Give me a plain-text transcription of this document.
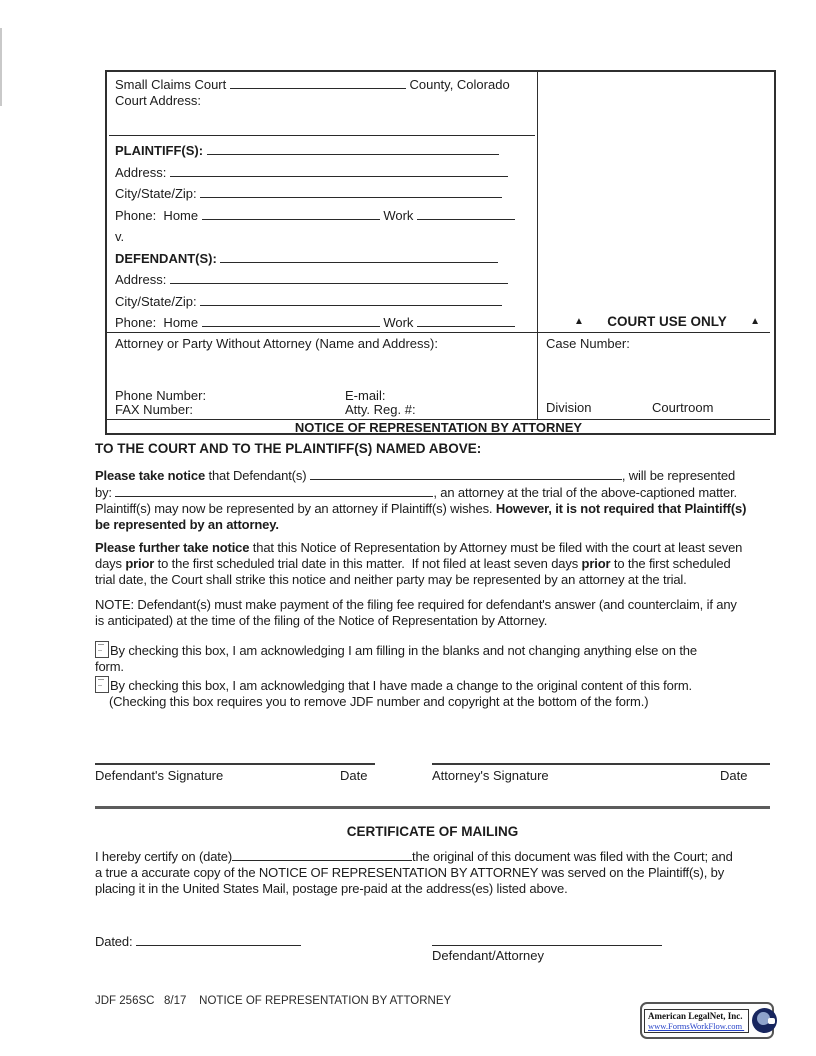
Small Claims Court	County, Colorado
Court Address:
PLAINTIFF(S):
Address:
City/State/Zip:
Phone:  Home	Work
v.
DEFENDANT(S):
Address:
City/State/Zip:
Phone:  Home	Work	▲ COURT USE ONLY ▲
Attorney or Party Without Attorney (Name and Address):
Phone Number:	E-mail:
FAX Number:	Atty. Reg. #:
Case Number:
Division	Courtroom
NOTICE OF REPRESENTATION BY ATTORNEY
TO THE COURT AND TO THE PLAINTIFF(S) NAMED ABOVE:
Please take notice that Defendant(s)	, will be represented
by:	, an attorney at the trial of the above-captioned matter.
Plaintiff(s) may now be represented by an attorney if Plaintiff(s) wishes. However, it is not required that Plaintiff(s)
be represented by an attorney.
Please further take notice that this Notice of Representation by Attorney must be filed with the court at least seven
days prior to the first scheduled trial date in this matter.  If not filed at least seven days prior to the first scheduled
trial date, the Court shall strike this notice and neither party may be represented by an attorney at the trial.
NOTE: Defendant(s) must make payment of the filing fee required for defendant's answer (and counterclaim, if any
is anticipated) at the time of the filing of the Notice of Representation by Attorney.
By checking this box, I am acknowledging I am filling in the blanks and not changing anything else on the
form.
By checking this box, I am acknowledging that I have made a change to the original content of this form.
(Checking this box requires you to remove JDF number and copyright at the bottom of the form.)
Defendant's Signature	Date	Attorney's Signature	Date
CERTIFICATE OF MAILING
I hereby certify on (date)	the original of this document was filed with the Court; and
a true a accurate copy of the NOTICE OF REPRESENTATION BY ATTORNEY was served on the Plaintiff(s), by
placing it in the United States Mail, postage pre-paid at the address(es) listed above.
Dated:
Defendant/Attorney
JDF 256SC   8/17    NOTICE OF REPRESENTATION BY ATTORNEY
American LegalNet, Inc.
www.FormsWorkFlow.com
